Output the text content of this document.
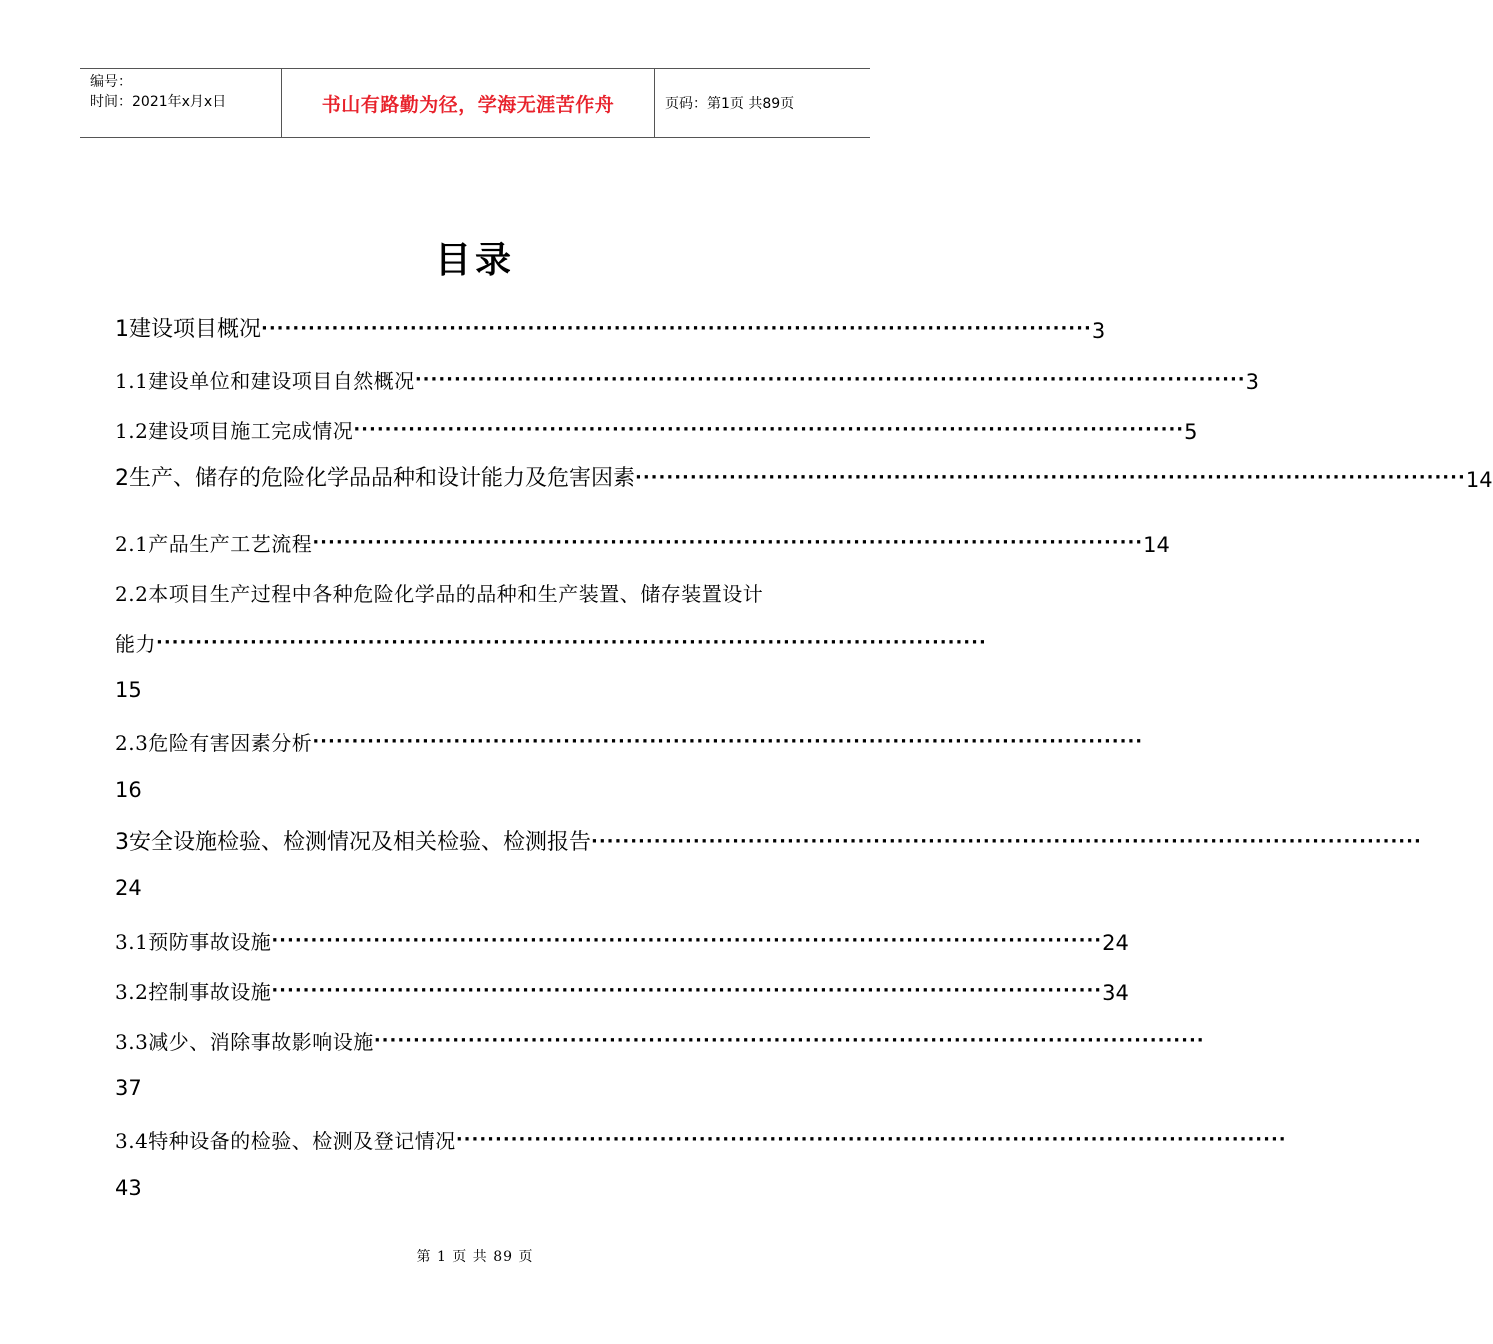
编号：
时间：2021年x月x日	书山有路勤为径，学海无涯苦作舟	页码：第1页 共89页
目录
1建设项目概况 ·········································································································· 3
1.1建设单位和建设项目自然概况 ·········································································································· 3
1.2建设项目施工完成情况 ·········································································································· 5
2生产、储存的危险化学品品种和设计能力及危害因素 ·········································································································· 14
2.1产品生产工艺流程 ·········································································································· 14
2.2本项目生产过程中各种危险化学品的品种和生产装置、储存装置设计
能力 ··········································································································
15
2.3危险有害因素分析 ··········································································································
16
3安全设施检验、检测情况及相关检验、检测报告 ··········································································································
24
3.1预防事故设施 ·········································································································· 24
3.2控制事故设施 ·········································································································· 34
3.3减少、消除事故影响设施 ··········································································································
37
3.4特种设备的检验、检测及登记情况 ··········································································································
43
第 1 页 共 89 页
